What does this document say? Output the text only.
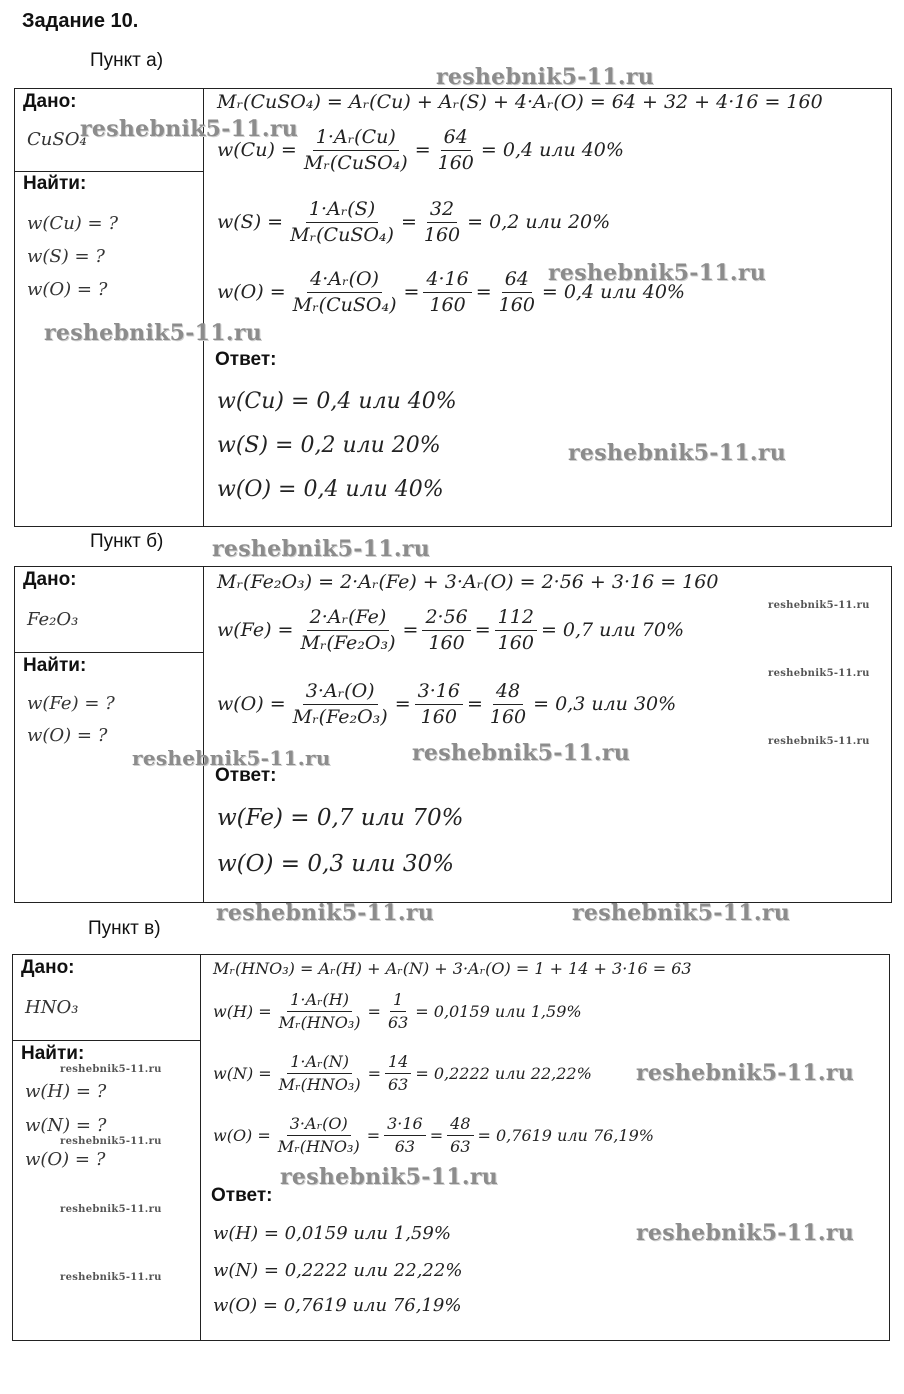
Задание 10.
Пункт а)
Дано:
CuSO₄
Найти:
w(Cu) = ?
w(S) = ?
w(O) = ?
Mᵣ(CuSO₄) = Aᵣ(Cu) + Aᵣ(S) + 4·Aᵣ(O) = 64 + 32 + 4·16 = 160
$w(Cu) = \frac{\text{1·Aᵣ(Cu)}}{\text{Mᵣ(CuSO₄)}} = \frac{64}{160} = 0,4$ или 40%
$w(S) = \frac{\text{1·Aᵣ(S)}}{\text{Mᵣ(CuSO₄)}} = \frac{32}{160} = 0,2$ или 20%
$w(O) = \frac{\text{4·Aᵣ(O)}}{\text{Mᵣ(CuSO₄)}} = \frac{4\cdot 16}{160} = \frac{64}{160} = 0,4$ или 40%
Ответ:
w(Cu) = 0,4 или 40%
w(S) = 0,2 или 20%
w(O) = 0,4 или 40%
Пункт б)
Дано:
Fe₂O₃
Найти:
w(Fe) = ?
w(O) = ?
Mᵣ(Fe₂O₃) = 2·Aᵣ(Fe) + 3·Aᵣ(O) = 2·56 + 3·16 = 160
$w(Fe) = \frac{\text{2·Aᵣ(Fe)}}{\text{Mᵣ(Fe₂O₃)}} = \frac{2\cdot 56}{160} = \frac{112}{160} = 0,7$ или 70%
$w(O) = \frac{\text{3·Aᵣ(O)}}{\text{Mᵣ(Fe₂O₃)}} = \frac{3\cdot 16}{160} = \frac{48}{160} = 0,3$ или 30%
Ответ:
w(Fe) = 0,7 или 70%
w(O) = 0,3 или 30%
Пункт в)
Дано:
HNO₃
Найти:
w(H) = ?
w(N) = ?
w(O) = ?
Mᵣ(HNO₃) = Aᵣ(H) + Aᵣ(N) + 3·Aᵣ(O) = 1 + 14 + 3·16 = 63
$w(H) = \frac{\text{1·Aᵣ(H)}}{\text{Mᵣ(HNO₃)}} = \frac{1}{63} = 0,0159$ или 1,59%
$w(N) = \frac{\text{1·Aᵣ(N)}}{\text{Mᵣ(HNO₃)}} = \frac{14}{63} = 0,2222$ или 22,22%
$w(O) = \frac{\text{3·Aᵣ(O)}}{\text{Mᵣ(HNO₃)}} = \frac{3\cdot 16}{63} = \frac{48}{63} = 0,7619$ или 76,19%
Ответ:
w(H) = 0,0159 или 1,59%
w(N) = 0,2222 или 22,22%
w(O) = 0,7619 или 76,19%
reshebnik5-11.ru
reshebnik5-11.ru
reshebnik5-11.ru
reshebnik5-11.ru
reshebnik5-11.ru
reshebnik5-11.ru
reshebnik5-11.ru
reshebnik5-11.ru
reshebnik5-11.ru
reshebnik5-11.ru	reshebnik5-11.ru
reshebnik5-11.ru	reshebnik5-11.ru
reshebnik5-11.ru	reshebnik5-11.ru
reshebnik5-11.ru
reshebnik5-11.ru
reshebnik5-11.ru
reshebnik5-11.ru
reshebnik5-11.ru
